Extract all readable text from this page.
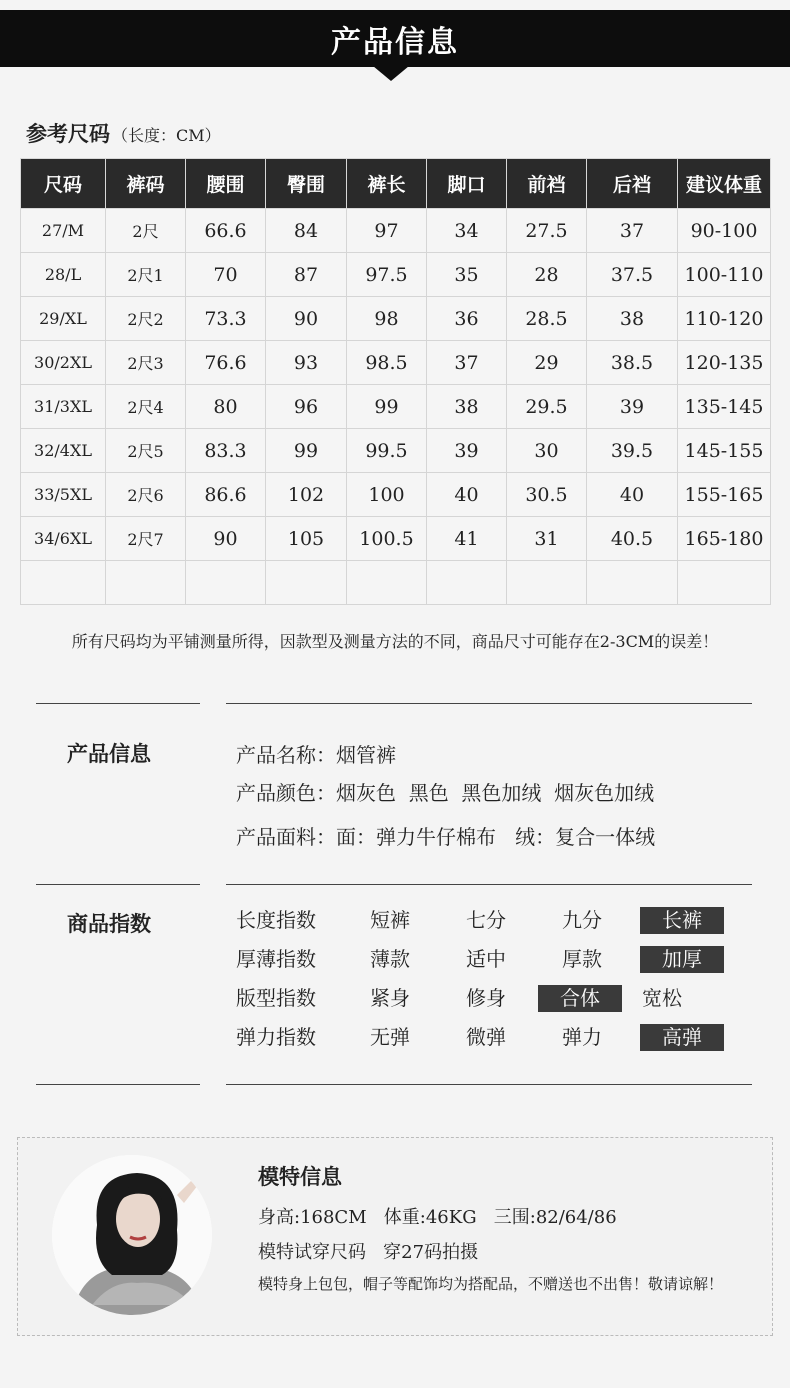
产品信息
参考尺码 （长度：CM）
尺码	裤码	腰围	臀围	裤长	脚口	前裆	后裆	建议体重
27/M	2尺	66.6	84	97	34	27.5	37	90-100
28/L	2尺1	70	87	97.5	35	28	37.5	100-110
29/XL	2尺2	73.3	90	98	36	28.5	38	110-120
30/2XL	2尺3	76.6	93	98.5	37	29	38.5	120-135
31/3XL	2尺4	80	96	99	38	29.5	39	135-145
32/4XL	2尺5	83.3	99	99.5	39	30	39.5	145-155
33/5XL	2尺6	86.6	102	100	40	30.5	40	155-165
34/6XL	2尺7	90	105	100.5	41	31	40.5	165-180

所有尺码均为平铺测量所得，因款型及测量方法的不同，商品尺寸可能存在2-3CM的误差！
产品信息	产品名称：烟管裤
产品颜色：烟灰色  黑色  黑色加绒  烟灰色加绒
产品面料：面：弹力牛仔棉布   绒：复合一体绒
商品指数	长度指数	短裤	七分	九分	长裤
厚薄指数	薄款	适中	厚款	加厚
版型指数	紧身	修身	合体	宽松
弹力指数	无弹	微弹	弹力	高弹
模特信息
身高:168CM   体重:46KG   三围:82/64/86
模特试穿尺码   穿27码拍摄
模特身上包包，帽子等配饰均为搭配品，不赠送也不出售！敬请谅解！
